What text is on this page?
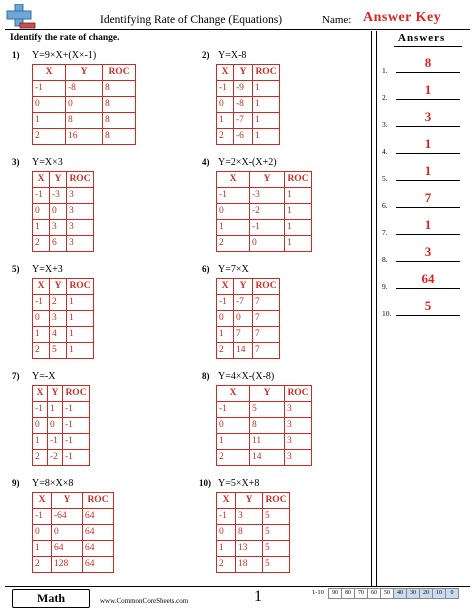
Identifying Rate of Change (Equations)	Name: Answer Key
Identify the rate of change.
1) Y=9×X+(X×-1)
X	Y	ROC
-1	-8	8
0	0	8
1	8	8
2	16	8
2) Y=X-8
X	Y	ROC
-1	-9	1
0	-8	1
1	-7	1
2	-6	1
3) Y=X×3
X	Y	ROC
-1	-3	3
0	0	3
1	3	3
2	6	3
4) Y=2×X-(X+2)
X	Y	ROC
-1	-3	1
0	-2	1
1	-1	1
2	0	1
5) Y=X+3
X	Y	ROC
-1	2	1
0	3	1
1	4	1
2	5	1
6) Y=7×X
X	Y	ROC
-1	-7	7
0	0	7
1	7	7
2	14	7
7) Y=-X
X	Y	ROC
-1	1	-1
0	0	-1
1	-1	-1
2	-2	-1
8) Y=4×X-(X-8)
X	Y	ROC
-1	5	3
0	8	3
1	11	3
2	14	3
9) Y=8×X×8
X	Y	ROC
-1	-64	64
0	0	64
1	64	64
2	128	64
10) Y=5×X+8
X	Y	ROC
-1	3	5
0	8	5
1	13	5
2	18	5
Answers
1.
8
2.
1
3.
3
4.
1
5.
1
6.
7
7.
1
8.
3
9.
64
10.
5
Math	www.CommonCoreSheets.com	1	1-10	90	80	70	60	50	40	30	20	10	0
